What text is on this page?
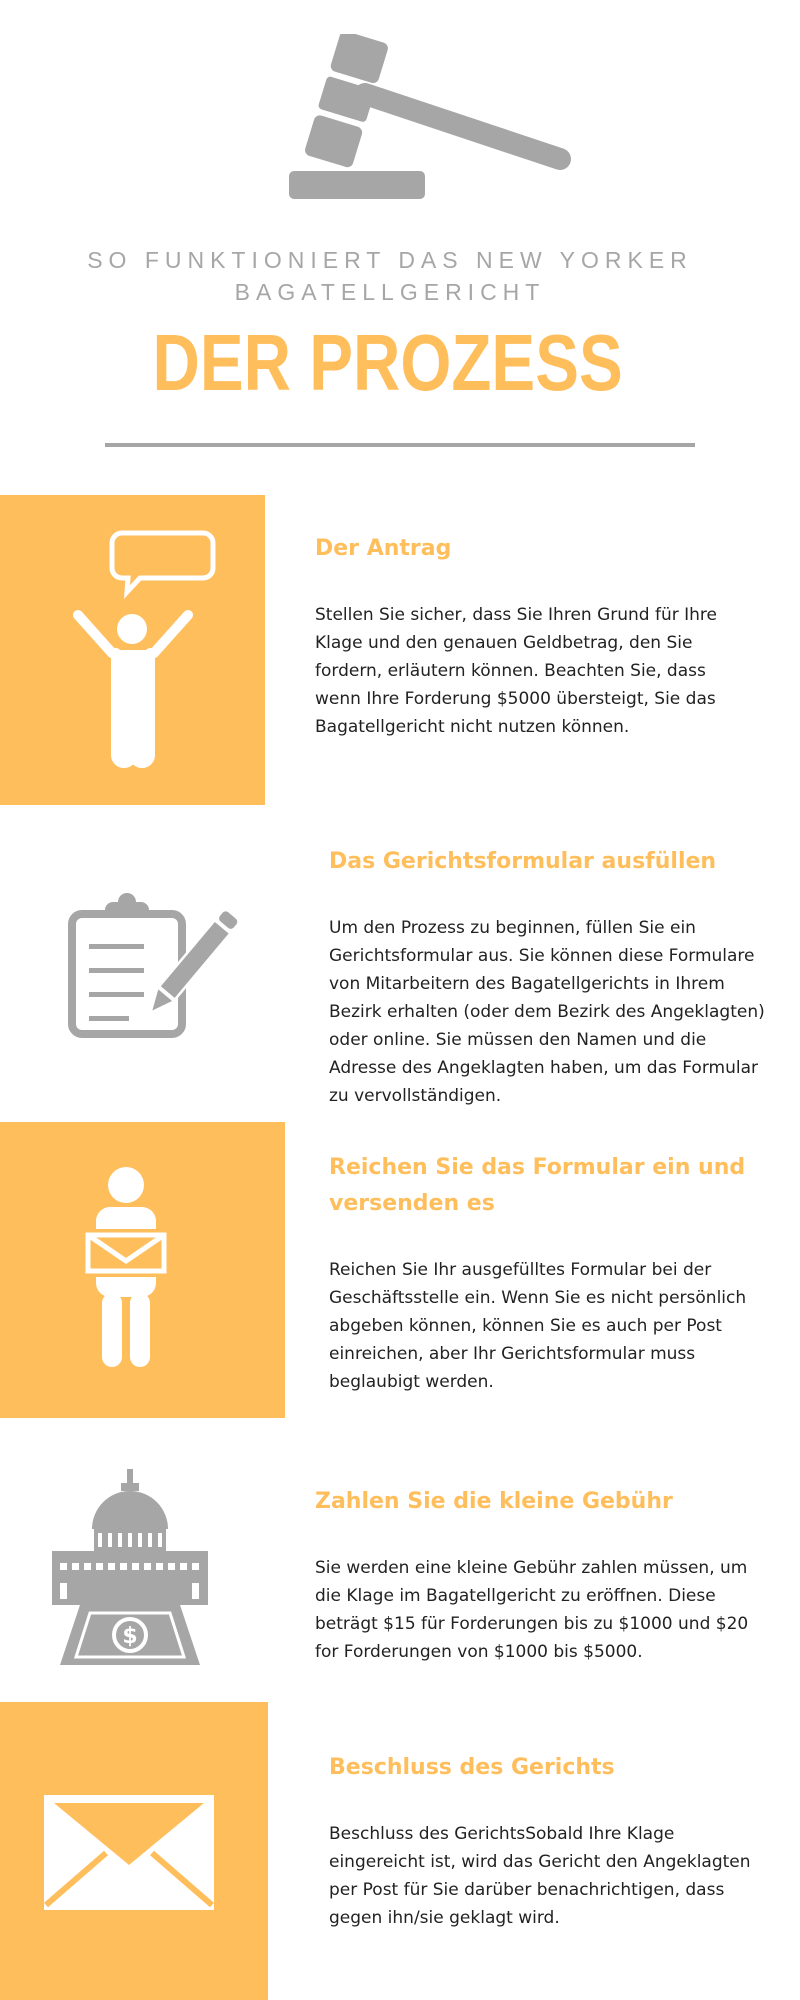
SO FUNKTIONIERT DAS NEW YORKER
BAGATELLGERICHT
DER PROZESS
Der Antrag
Stellen Sie sicher, dass Sie Ihren Grund für Ihre Klage und den genauen Geldbetrag, den Sie fordern, erläutern können. Beachten Sie, dass wenn Ihre Forderung $5000 übersteigt, Sie das Bagatellgericht nicht nutzen können.
Das Gerichtsformular ausfüllen
Um den Prozess zu beginnen, füllen Sie ein Gerichtsformular aus. Sie können diese Formulare von Mitarbeitern des Bagatellgerichts in Ihrem Bezirk erhalten (oder dem Bezirk des Angeklagten) oder online. Sie müssen den Namen und die Adresse des Angeklagten haben, um das Formular zu vervollständigen.
Reichen Sie das Formular ein und versenden es
Reichen Sie Ihr ausgefülltes Formular bei der Geschäftsstelle ein. Wenn Sie es nicht persönlich abgeben können, können Sie es auch per Post einreichen, aber Ihr Gerichtsformular muss beglaubigt werden.
$
Zahlen Sie die kleine Gebühr
Sie werden eine kleine Gebühr zahlen müssen, um die Klage im Bagatellgericht zu eröffnen. Diese beträgt $15 für Forderungen bis zu $1000 und $20 for Forderungen von $1000 bis $5000.
Beschluss des Gerichts
Beschluss des GerichtsSobald Ihre Klage eingereicht ist, wird das Gericht den Angeklagten per Post für Sie darüber benachrichtigen, dass gegen ihn/sie geklagt wird.
